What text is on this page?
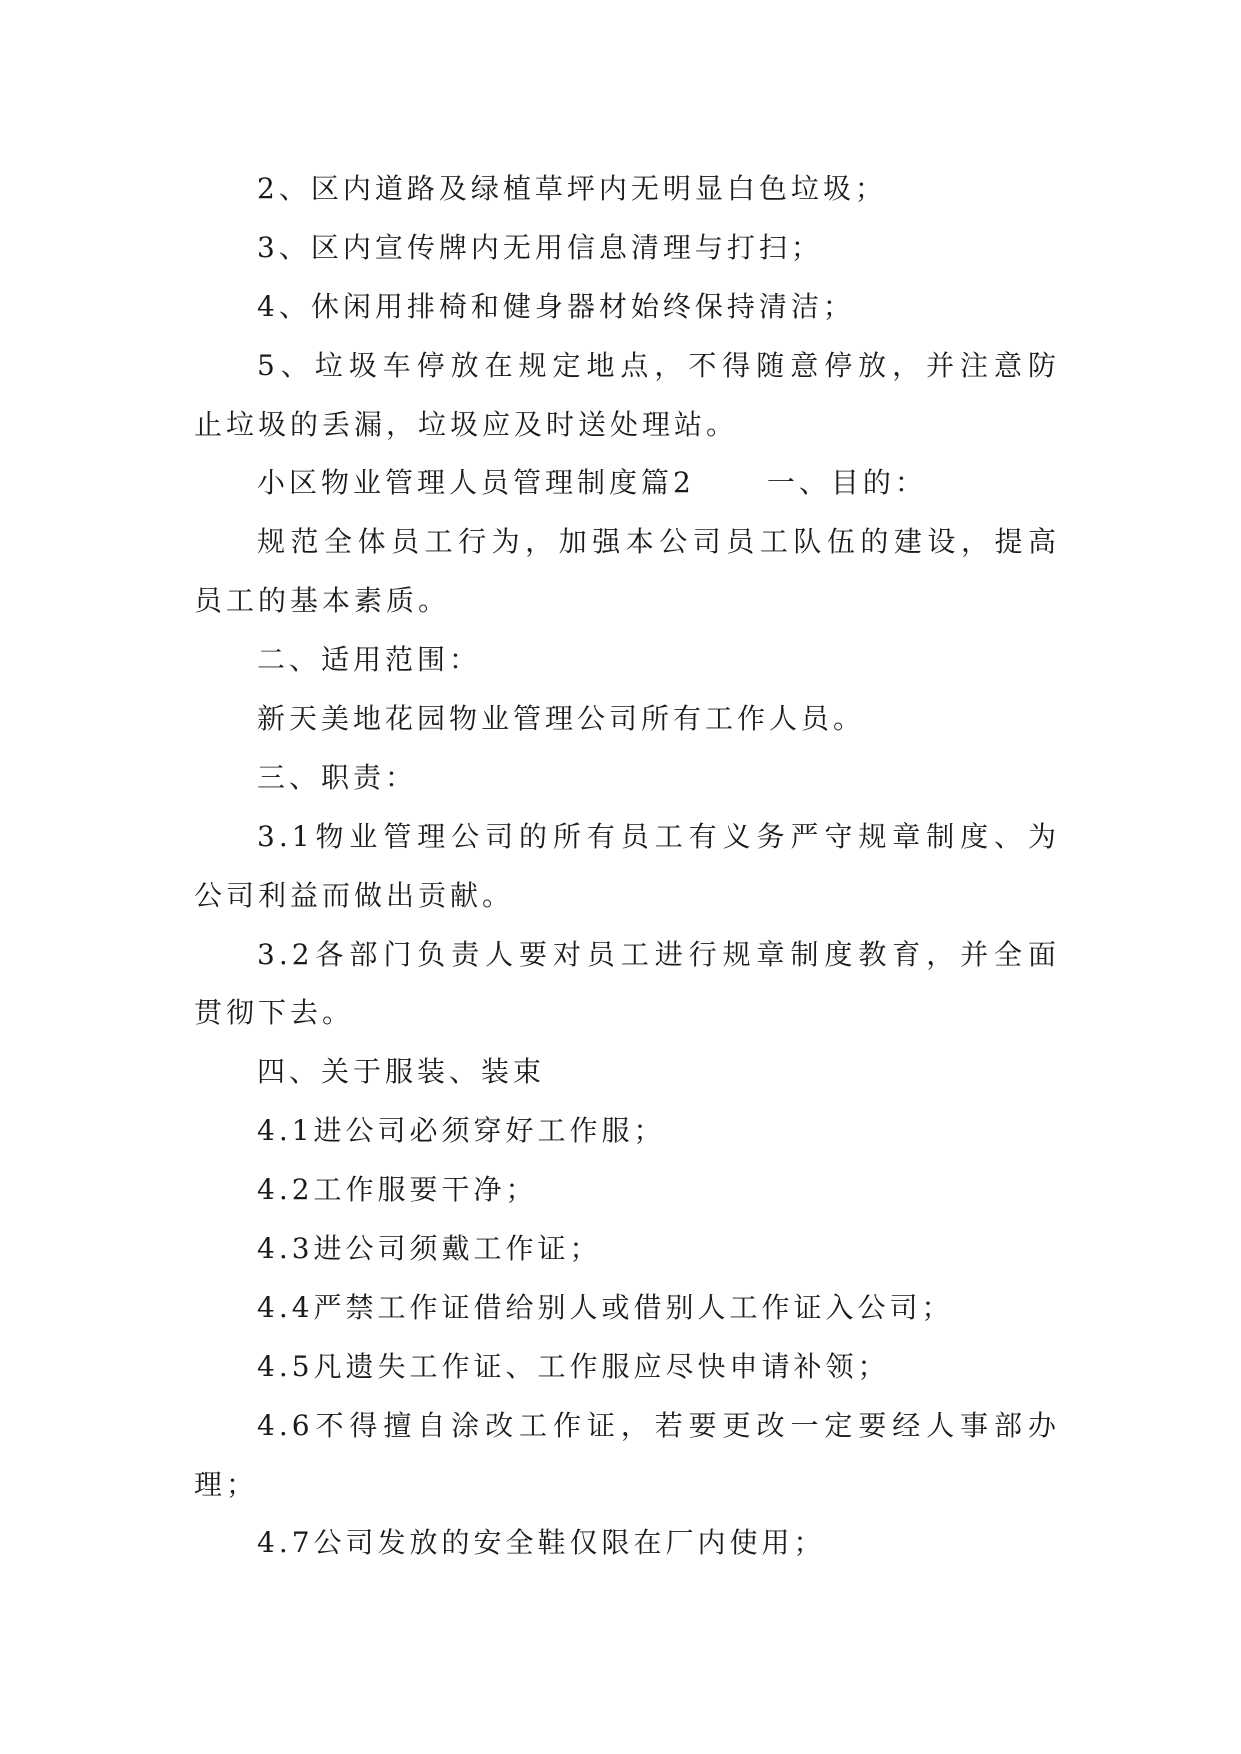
2、区内道路及绿植草坪内无明显白色垃圾；
3、区内宣传牌内无用信息清理与打扫；
4、休闲用排椅和健身器材始终保持清洁；
5、垃圾车停放在规定地点，不得随意停放，并注意防
止垃圾的丢漏，垃圾应及时送处理站。
小区物业管理人员管理制度篇2	一、目的：
规范全体员工行为，加强本公司员工队伍的建设，提高
员工的基本素质。
二、适用范围：
新天美地花园物业管理公司所有工作人员。
三、职责：
3.1物业管理公司的所有员工有义务严守规章制度、为
公司利益而做出贡献。
3.2各部门负责人要对员工进行规章制度教育，并全面
贯彻下去。
四、关于服装、装束
4.1进公司必须穿好工作服；
4.2工作服要干净；
4.3进公司须戴工作证；
4.4严禁工作证借给别人或借别人工作证入公司；
4.5凡遗失工作证、工作服应尽快申请补领；
4.6不得擅自涂改工作证，若要更改一定要经人事部办
理；
4.7公司发放的安全鞋仅限在厂内使用；
